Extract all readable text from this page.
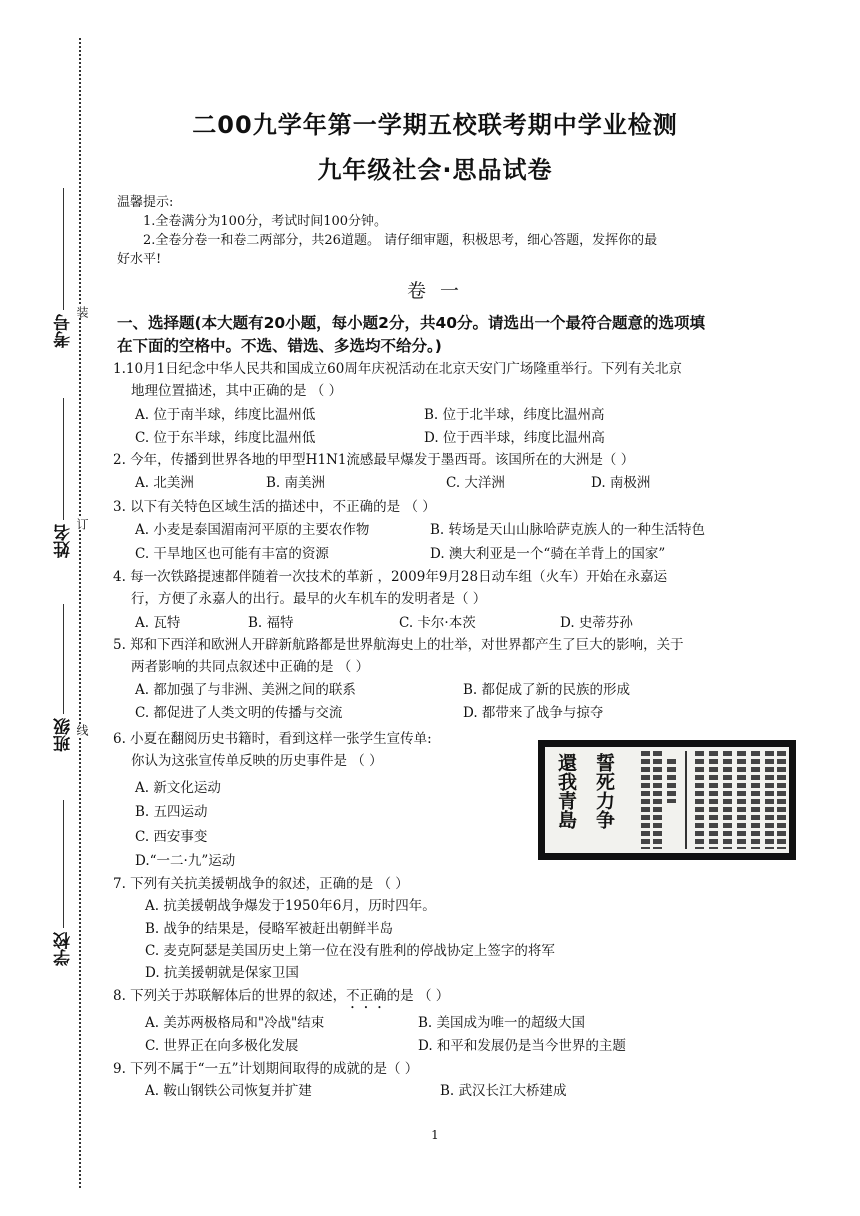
装
订
线
考号
姓名
班级
学校
二00九学年第一学期五校联考期中学业检测
九年级社会·思品试卷
温馨提示:
1.全卷满分为100分，考试时间100分钟。
2.全卷分卷一和卷二两部分，共26道题。 请仔细审题，积极思考，细心答题，发挥你的最
好水平!
卷 一
一、选择题(本大题有20小题，每小题2分，共40分。请选出一个最符合题意的选项填
在下面的空格中。不选、错选、多选均不给分。)
1.10月1日纪念中华人民共和国成立60周年庆祝活动在北京天安门广场隆重举行。下列有关北京
地理位置描述，其中正确的是 （ ）
A. 位于南半球，纬度比温州低	B. 位于北半球，纬度比温州高
C. 位于东半球，纬度比温州低	D. 位于西半球，纬度比温州高
2. 今年，传播到世界各地的甲型H1N1流感最早爆发于墨西哥。该国所在的大洲是（ ）
A. 北美洲	B. 南美洲	C. 大洋洲	D. 南极洲
3. 以下有关特色区域生活的描述中，不正确的是 （ ）
A. 小麦是泰国湄南河平原的主要农作物	B. 转场是天山山脉哈萨克族人的一种生活特色
C. 干旱地区也可能有丰富的资源	D. 澳大利亚是一个“骑在羊背上的国家”
4. 每一次铁路提速都伴随着一次技术的革新 ，2009年9月28日动车组（火车）开始在永嘉运
行，方便了永嘉人的出行。最早的火车机车的发明者是（ ）
A. 瓦特	B. 福特	C. 卡尔·本茨	D. 史蒂芬孙
5. 郑和下西洋和欧洲人开辟新航路都是世界航海史上的壮举，对世界都产生了巨大的影响，关于
两者影响的共同点叙述中正确的是 （ ）
A. 都加强了与非洲、美洲之间的联系	B. 都促成了新的民族的形成
C. 都促进了人类文明的传播与交流	D. 都带来了战争与掠夺
6. 小夏在翻阅历史书籍时，看到这样一张学生宣传单:
你认为这张宣传单反映的历史事件是 （ ）
A. 新文化运动
B. 五四运动
C. 西安事变
D.“一二·九”运动
誓死力争
還我青島
7. 下列有关抗美援朝战争的叙述，正确的是 （ ）
A. 抗美援朝战争爆发于1950年6月，历时四年。
B. 战争的结果是，侵略军被赶出朝鲜半岛
C. 麦克阿瑟是美国历史上第一位在没有胜利的停战协定上签字的将军
D. 抗美援朝就是保家卫国
8. 下列关于苏联解体后的世界的叙述，不正确的是 （ ）
A. 美苏两极格局和"冷战"结束	B. 美国成为唯一的超级大国
C. 世界正在向多极化发展	D. 和平和发展仍是当今世界的主题
9. 下列不属于“一五”计划期间取得的成就的是（ ）
A. 鞍山钢铁公司恢复并扩建	B. 武汉长江大桥建成
1
